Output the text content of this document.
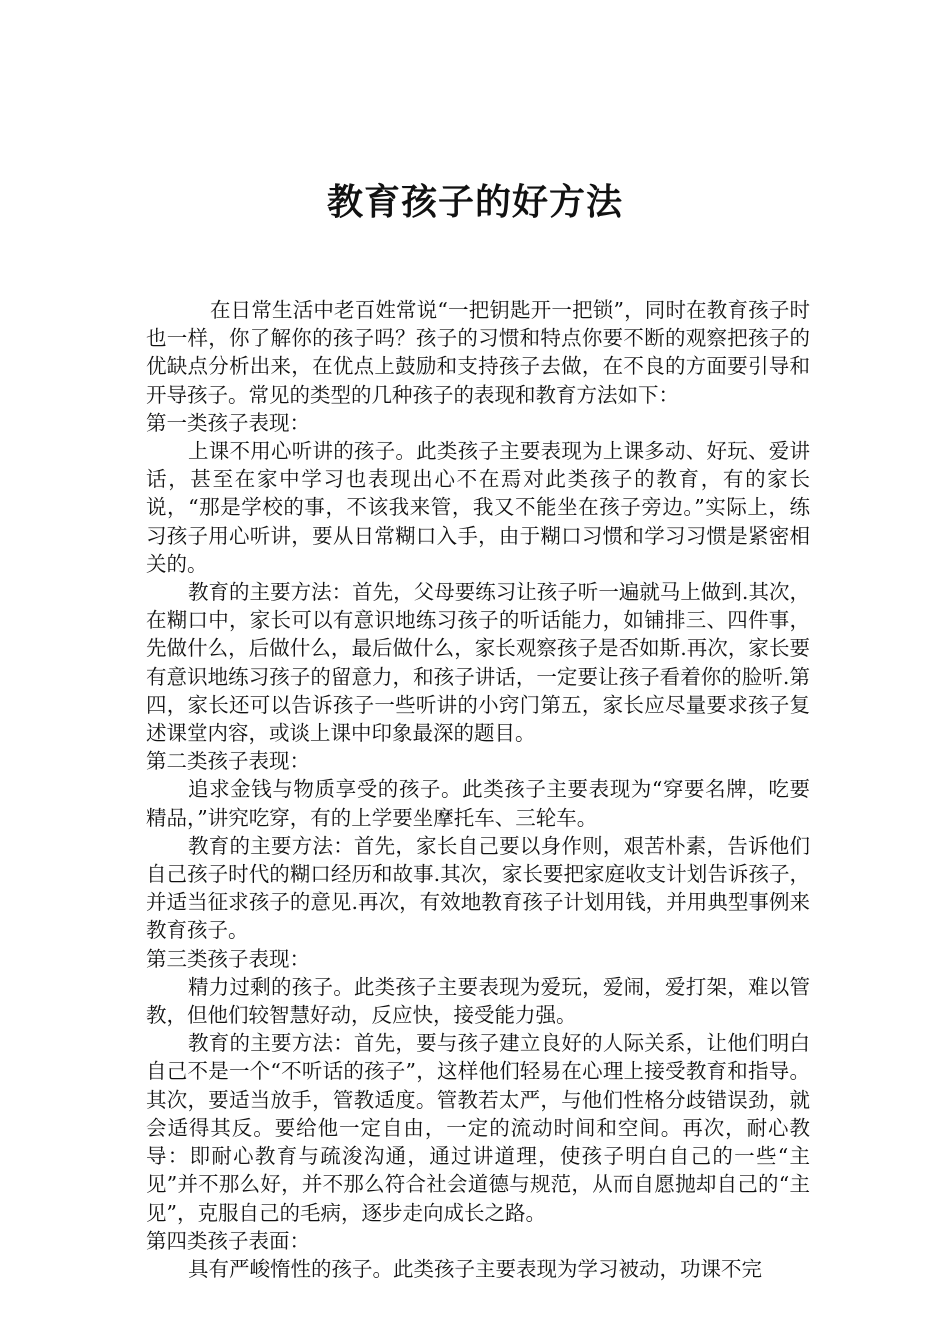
教育孩子的好方法

在日常生活中老百姓常说“一把钥匙开一把锁”，同时在教育孩子时也一样，你了解你的孩子吗？孩子的习惯和特点你要不断的观察把孩子的优缺点分析出来，在优点上鼓励和支持孩子去做，在不良的方面要引导和开导孩子。常见的类型的几种孩子的表现和教育方法如下：

第一类孩子表现：

上课不用心听讲的孩子。此类孩子主要表现为上课多动、好玩、爱讲话，甚至在家中学习也表现出心不在焉对此类孩子的教育，有的家长说，“那是学校的事，不该我来管，我又不能坐在孩子旁边。”实际上，练习孩子用心听讲，要从日常糊口入手，由于糊口习惯和学习习惯是紧密相关的。

教育的主要方法：首先，父母要练习让孩子听一遍就马上做到.其次，在糊口中，家长可以有意识地练习孩子的听话能力，如铺排三、四件事，先做什么，后做什么，最后做什么，家长观察孩子是否如斯.再次，家长要有意识地练习孩子的留意力，和孩子讲话，一定要让孩子看着你的脸听.第四，家长还可以告诉孩子一些听讲的小窍门第五，家长应尽量要求孩子复述课堂内容，或谈上课中印象最深的题目。

第二类孩子表现：

追求金钱与物质享受的孩子。此类孩子主要表现为“穿要名牌，吃要精品，”讲究吃穿，有的上学要坐摩托车、三轮车。

教育的主要方法：首先，家长自己要以身作则，艰苦朴素，告诉他们自己孩子时代的糊口经历和故事.其次，家长要把家庭收支计划告诉孩子，并适当征求孩子的意见.再次，有效地教育孩子计划用钱，并用典型事例来教育孩子。

第三类孩子表现：

精力过剩的孩子。此类孩子主要表现为爱玩，爱闹，爱打架，难以管教，但他们较智慧好动，反应快，接受能力强。

教育的主要方法：首先，要与孩子建立良好的人际关系，让他们明白自己不是一个“不听话的孩子”，这样他们轻易在心理上接受教育和指导。其次，要适当放手，管教适度。管教若太严，与他们性格分歧错误劲，就会适得其反。要给他一定自由，一定的流动时间和空间。再次，耐心教导：即耐心教育与疏浚沟通，通过讲道理，使孩子明白自己的一些“主见”并不那么好，并不那么符合社会道德与规范，从而自愿抛却自己的“主见”，克服自己的毛病，逐步走向成长之路。

第四类孩子表面：

具有严峻惰性的孩子。此类孩子主要表现为学习被动，功课不完
